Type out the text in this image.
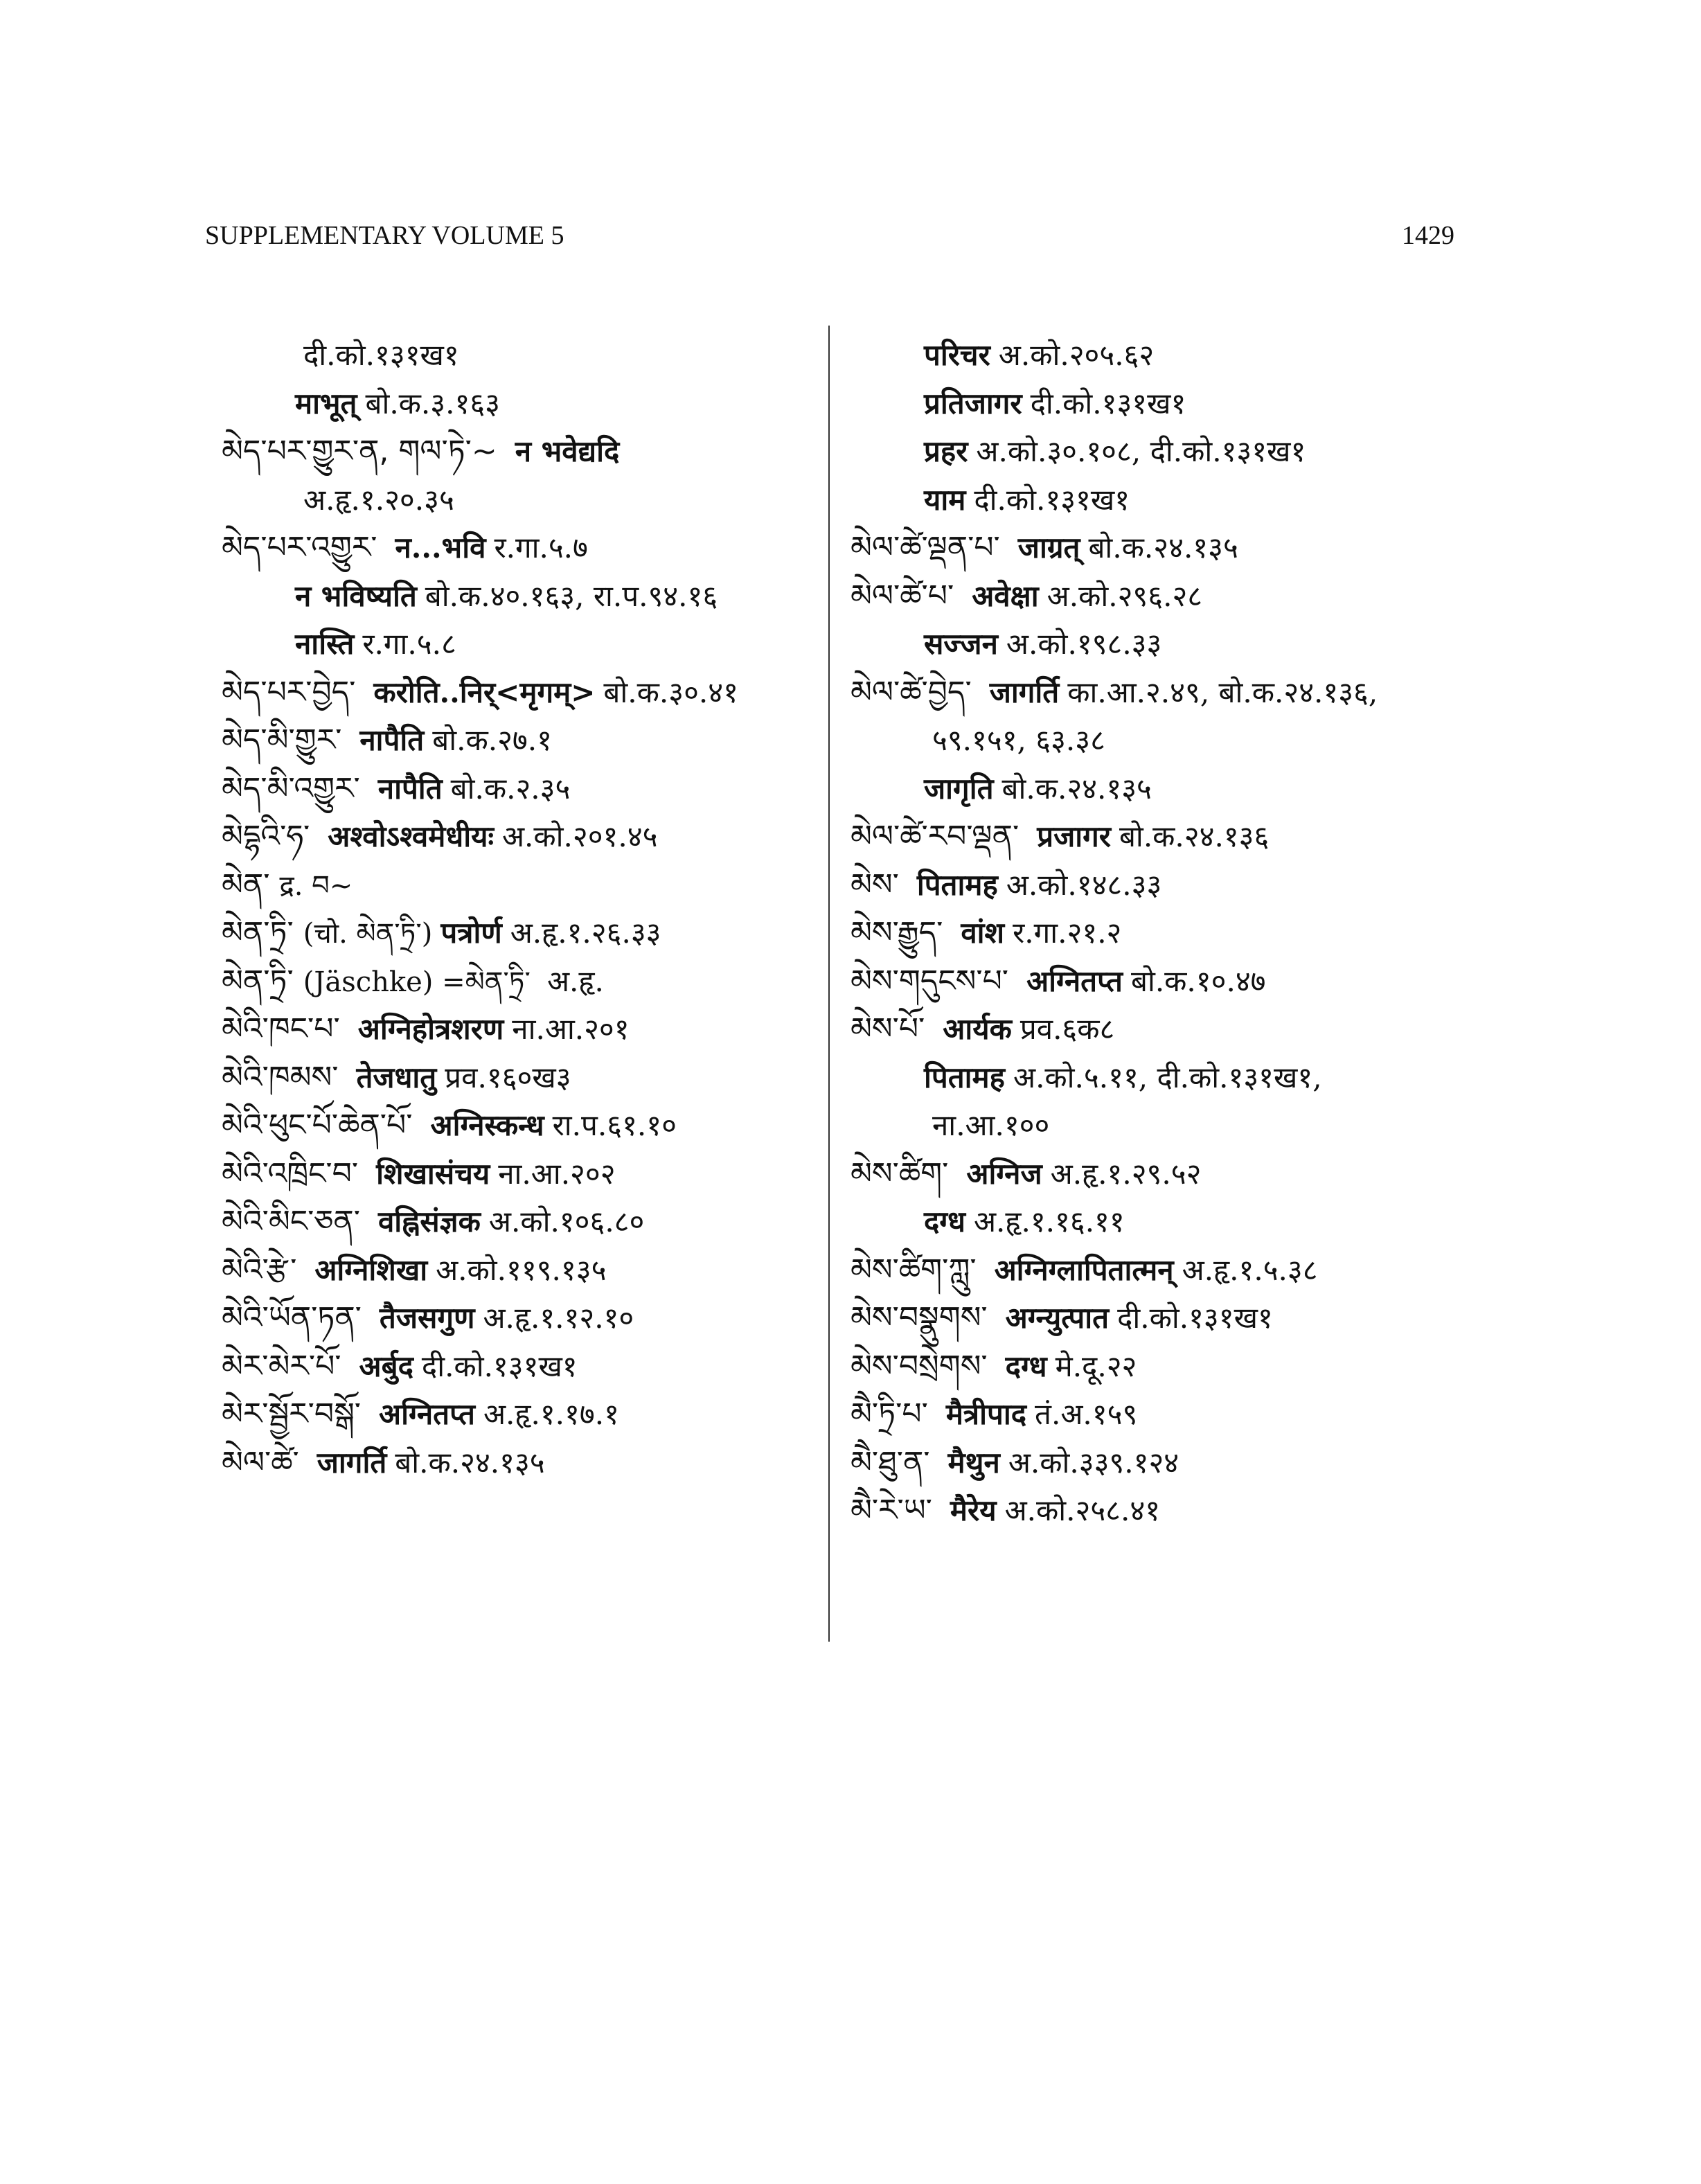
SUPPLEMENTARY VOLUME 5	1429
दी.को.१३१ख१
माभूत् बो.क.३.१६३
མེད་པར་གྱུར་ན, གལ་ཏེ་~ न भवेद्यदि
अ.हृ.१.२०.३५
མེད་པར་འགྱུར་ न...भवि र.गा.५.७
न भविष्यति बो.क.४०.१६३, रा.प.९४.१६
नास्ति र.गा.५.८
མེད་པར་བྱེད་ करोति..निर्<मृगम्> बो.क.३०.४१
མེད་མི་གྱུར་ नापैति बो.क.२७.१
མེད་མི་འགྱུར་ नापैति बो.क.२.३५
མེདྷའི་ཧ་ अश्वोऽश्वमेधीयः अ.को.२०१.४५
མེན་ द्र. བ~
མེན་ཏྲི་ (चो. མེན་ཏྲི་) पत्रोर्ण अ.हृ.१.२६.३३
མེན་ཏྲི་ (Jäschke) =མེན་ཏྲི་ अ.हृ.
མེའི་ཁང་པ་ अग्निहोत्रशरण ना.आ.२०१
མེའི་ཁམས་ तेजधातु प्रव.१६०ख३
མེའི་ཕུང་པོ་ཆེན་པོ་ अग्निस्कन्ध रा.प.६१.१०
མེའི་འཁྲིང་བ་ शिखासंचय ना.आ.२०२
མེའི་མིང་ཅན་ वह्निसंज्ञक अ.को.१०६.८०
མེའི་རྩེ་ अग्निशिखा अ.को.११९.१३५
མེའི་ཡོན་ཏན་ तैजसगुण अ.हृ.१.१२.१०
མེར་མེར་པོ་ अर्बुद दी.को.१३१ख१
མེར་སྦྱོར་བསྒོ་ अग्नितप्त अ.हृ.१.१७.१
མེལ་ཚེ་ जागर्ति बो.क.२४.१३५
परिचर अ.को.२०५.६२
प्रतिजागर दी.को.१३१ख१
प्रहर अ.को.३०.१०८, दी.को.१३१ख१
याम दी.को.१३१ख१
མེལ་ཚེ་ལྡན་པ་ जाग्रत् बो.क.२४.१३५
མེལ་ཚེ་པ་ अवेक्षा अ.को.२९६.२८
सज्जन अ.को.१९८.३३
མེལ་ཚེ་བྱེད་ जागर्ति का.आ.२.४९, बो.क.२४.१३६,
५९.१५१, ६३.३८
जागृति बो.क.२४.१३५
མེལ་ཚེ་རབ་ལྡན་ प्रजागर बो.क.२४.१३६
མེས་ पितामह अ.को.१४८.३३
མེས་རྒྱུད་ वांश र.गा.२१.२
མེས་གདུངས་པ་ अग्नितप्त बो.क.१०.४७
མེས་པོ་ आर्यक प्रव.६क८
पितामह अ.को.५.११, दी.को.१३१ख१,
ना.आ.१००
མེས་ཚིག་ अग्निज अ.हृ.१.२९.५२
दग्ध अ.हृ.१.१६.११
མེས་ཚིག་ཀླུ་ अग्निग्लापितात्मन् अ.हृ.१.५.३८
མེས་བསྣུགས་ अग्न्युत्पात दी.को.१३१ख१
མེས་བསྲེགས་ दग्ध मे.दू.२२
མཻ་ཏྲི་པ་ मैत्रीपाद तं.अ.१५९
མཻ་ཐུ་ན་ मैथुन अ.को.३३९.१२४
མཻ་རེ་ཡ་ मैरेय अ.को.२५८.४१
